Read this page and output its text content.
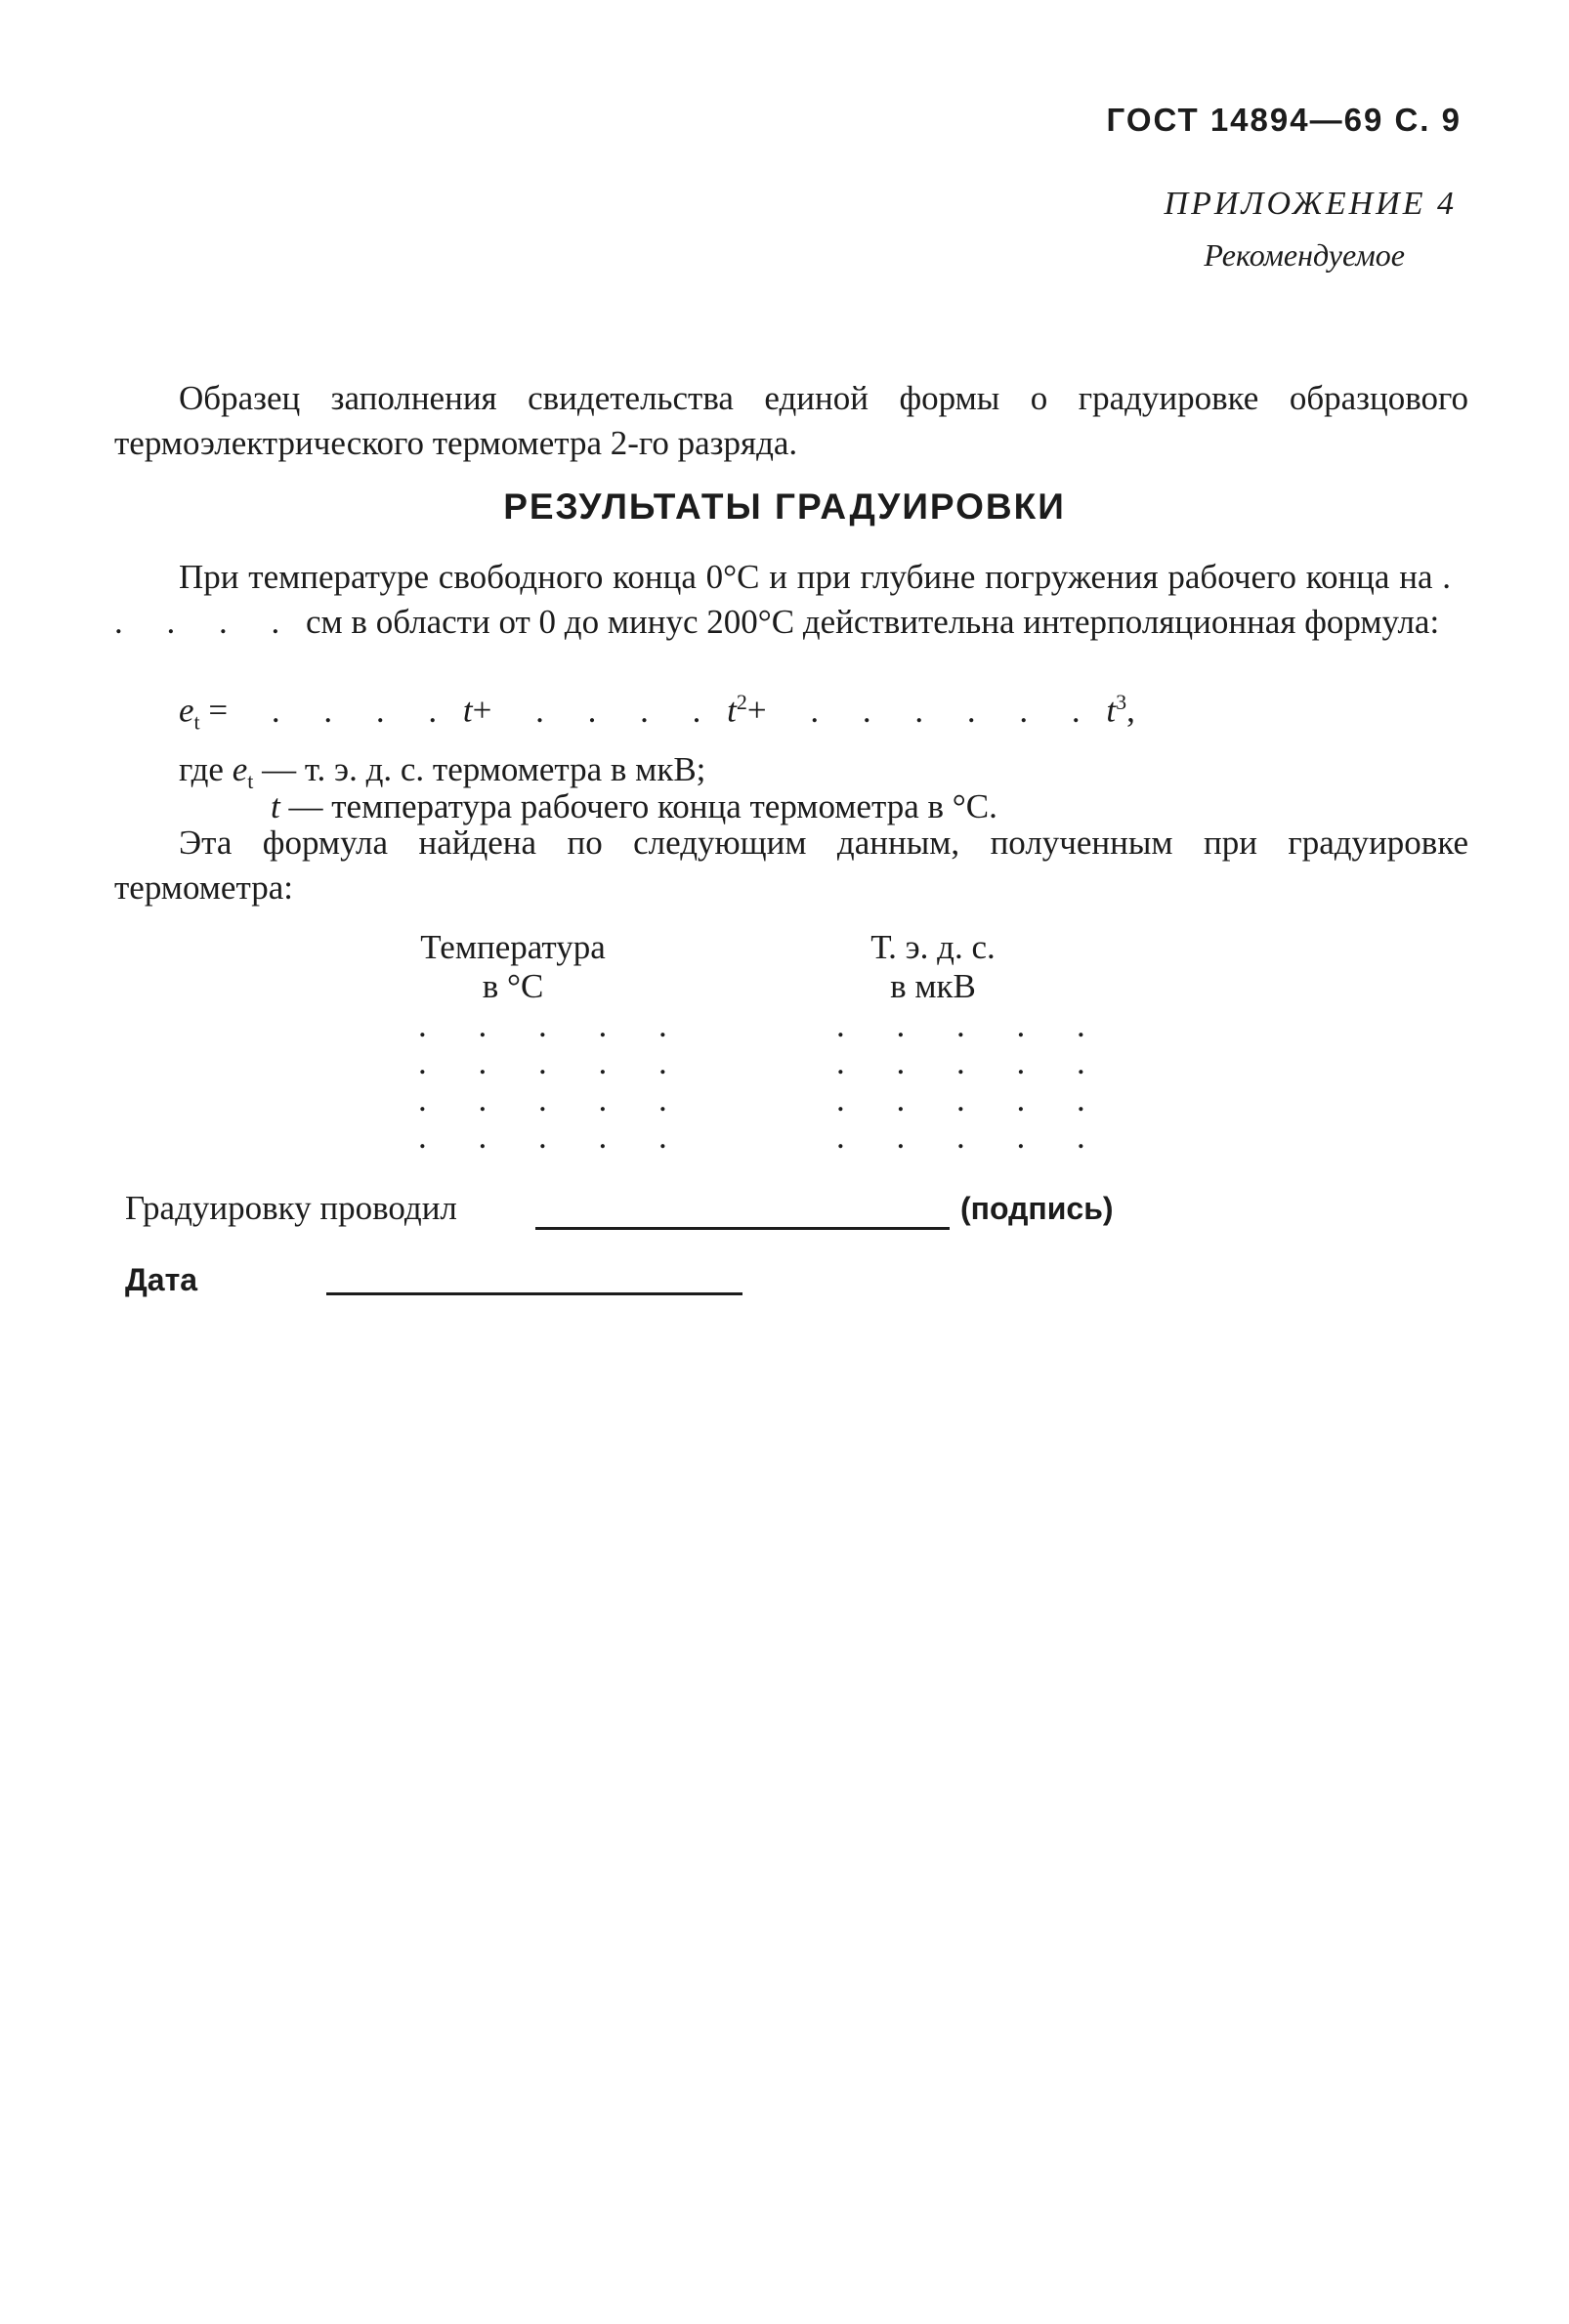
ГОСТ 14894—69 С. 9
ПРИЛОЖЕНИЕ 4
Рекомендуемое
Образец заполнения свидетельства единой формы о градуировке образцового термоэлектрического термометра 2-го разряда.
РЕЗУЛЬТАТЫ ГРАДУИРОВКИ
При температуре свободного конца 0°С и при глубине погружения рабочего конца на . . . . . см в области от 0 до минус 200°С действительна интерполяционная формула:
$e_t$ = . . . . t+ . . . . $t^2+$ . . . . . . $t^3$,
где $e_t$ — т. э. д. с. термометра в мкВ;
t — температура рабочего конца термометра в °С.
Эта формула найдена по следующим данным, полученным при градуировке термометра:
Температура
в °С
Т. э. д. с.
в мкВ
. . . . .
. . . . .
. . . . .
. . . . .
. . . . .
. . . . .
. . . . .
. . . . .
Градуировку проводил	(подпись)
Дата
